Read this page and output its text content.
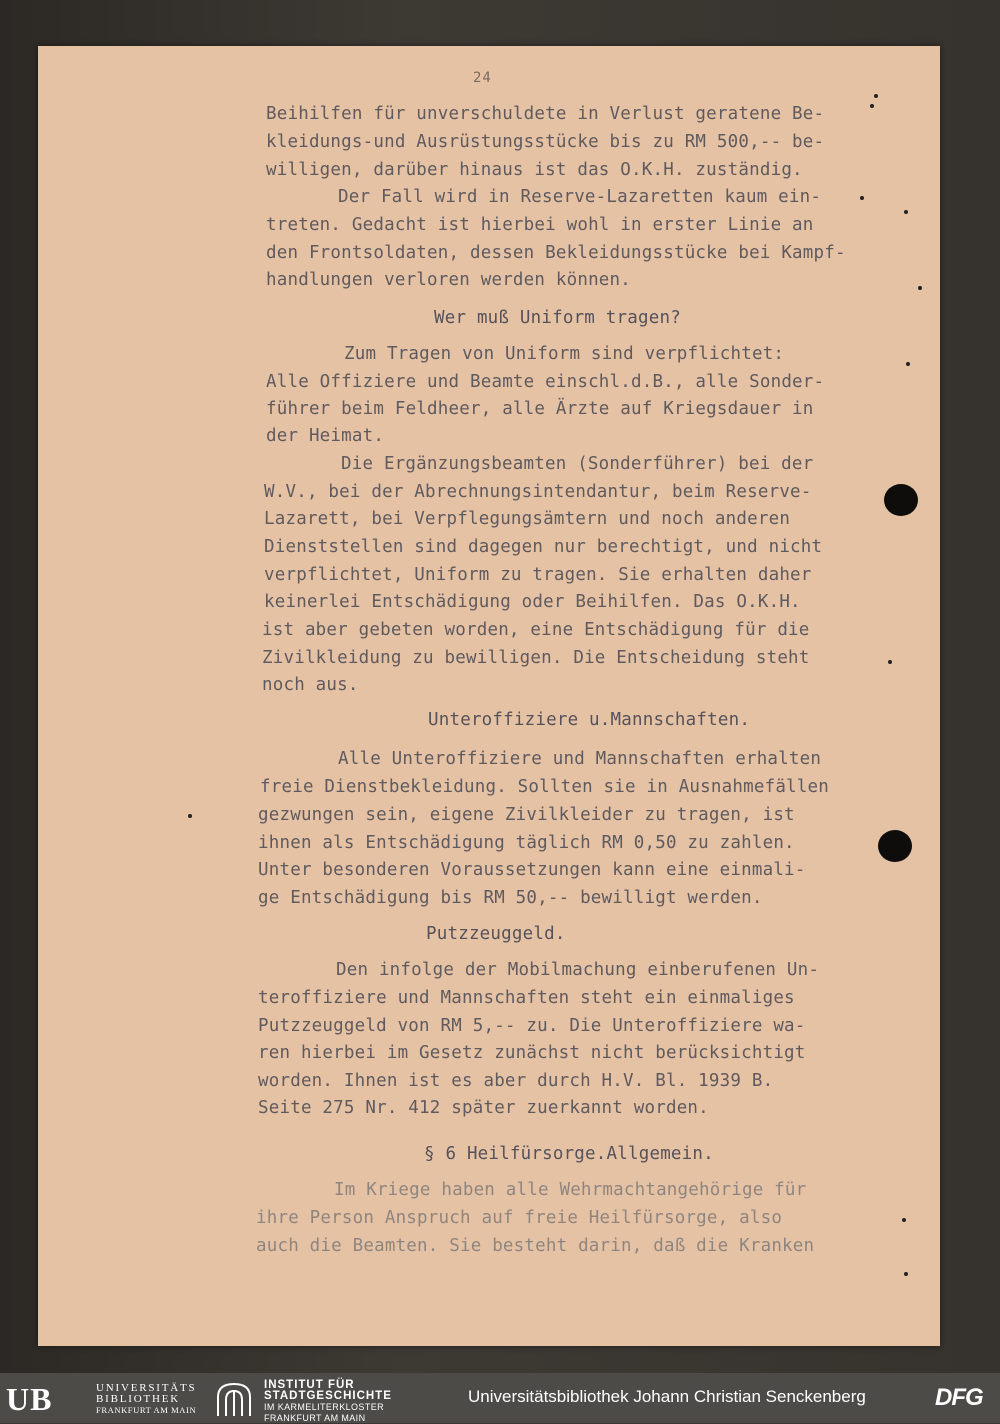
24
Beihilfen für unverschuldete in Verlust geratene Be-
kleidungs-und Ausrüstungsstücke bis zu RM 500,-- be-
willigen, darüber hinaus ist das O.K.H. zuständig.
Der Fall wird in Reserve-Lazaretten kaum ein-
treten. Gedacht ist hierbei wohl in erster Linie an
den Frontsoldaten, dessen Bekleidungsstücke bei Kampf-
handlungen verloren werden können.
Wer muß Uniform tragen?
Zum Tragen von Uniform sind verpflichtet:
Alle Offiziere und Beamte einschl.d.B., alle Sonder-
führer beim Feldheer, alle Ärzte auf Kriegsdauer in
der Heimat.
Die Ergänzungsbeamten (Sonderführer) bei der
W.V., bei der Abrechnungsintendantur, beim Reserve-
Lazarett, bei Verpflegungsämtern und noch anderen
Dienststellen sind dagegen nur berechtigt, und nicht
verpflichtet, Uniform zu tragen. Sie erhalten daher
keinerlei Entschädigung oder Beihilfen. Das O.K.H.
ist aber gebeten worden, eine Entschädigung für die
Zivilkleidung zu bewilligen. Die Entscheidung steht
noch aus.
Unteroffiziere u.Mannschaften.
Alle Unteroffiziere und Mannschaften erhalten
freie Dienstbekleidung. Sollten sie in Ausnahmefällen
gezwungen sein, eigene Zivilkleider zu tragen, ist
ihnen als Entschädigung täglich RM 0,50 zu zahlen.
Unter besonderen Voraussetzungen kann eine einmali-
ge Entschädigung bis RM 50,-- bewilligt werden.
Putzzeuggeld.
Den infolge der Mobilmachung einberufenen Un-
teroffiziere und Mannschaften steht ein einmaliges
Putzzeuggeld von RM 5,-- zu. Die Unteroffiziere wa-
ren hierbei im Gesetz zunächst nicht berücksichtigt
worden. Ihnen ist es aber durch H.V. Bl. 1939 B.
Seite 275 Nr. 412 später zuerkannt worden.
§ 6 Heilfürsorge.Allgemein.
Im Kriege haben alle Wehrmachtangehörige für
ihre Person Anspruch auf freie Heilfürsorge, also
auch die Beamten. Sie besteht darin, daß die Kranken
UB	UNIVERSITÄTS
BIBLIOTHEK
FRANKFURT AM MAIN
INSTITUT FÜR
STADTGESCHICHTE
IM KARMELITERKLOSTER
FRANKFURT AM MAIN
Universitätsbibliothek Johann Christian Senckenberg	DFG
